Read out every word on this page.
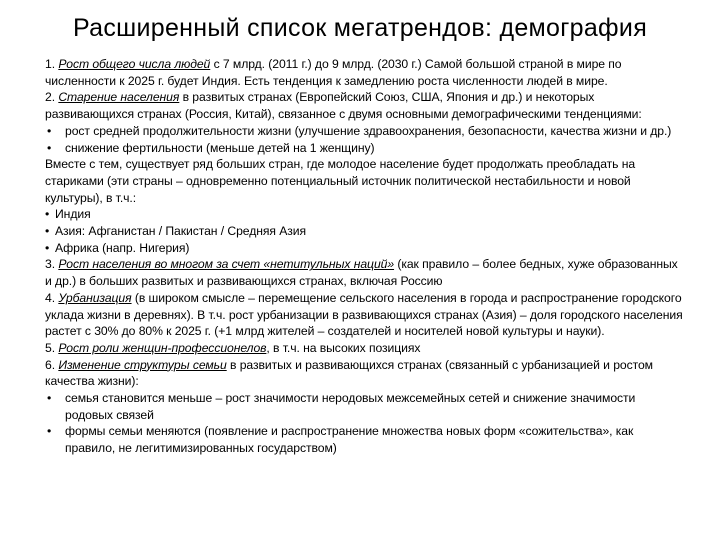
Расширенный список мегатрендов: демография

1. Рост общего числа людей с 7 млрд. (2011 г.) до 9 млрд. (2030 г.) Самой большой страной в мире по численности к 2025 г. будет Индия. Есть тенденция к замедлению роста численности людей в мире.

2. Старение населения в развитых странах (Европейский Союз, США, Япония и др.) и некоторых развивающихся странах (Россия, Китай), связанное с двумя основными демографическими тенденциями:

•	рост средней продолжительности жизни (улучшение здравоохранения, безопасности, качества жизни и др.)
•	снижение фертильности (меньше детей на 1 женщину)

Вместе с тем, существует ряд больших стран, где молодое население будет продолжать преобладать на стариками (эти страны – одновременно потенциальный источник политической нестабильности и новой культуры), в т.ч.:

• Индия
• Азия: Афганистан / Пакистан / Средняя Азия
• Африка (напр. Нигерия)

3. Рост населения во многом за счет «нетитульных наций» (как правило – более бедных, хуже образованных и др.) в больших развитых и развивающихся странах, включая Россию

4. Урбанизация (в широком смысле – перемещение сельского населения в города и распространение городского уклада жизни в деревнях). В т.ч. рост урбанизации в развивающихся странах (Азия) – доля городского населения растет с 30% до 80% к 2025 г. (+1 млрд жителей – создателей и носителей новой культуры и науки).

5. Рост роли женщин-профессионелов, в т.ч. на высоких позициях

6. Изменение структуры семьи в развитых и развивающихся странах (связанный с урбанизацией и ростом качества жизни):

•	семья становится меньше – рост значимости неродовых межсемейных сетей и снижение значимости родовых связей
•	формы семьи меняются (появление и распространение множества новых форм «сожительства», как правило, не легитимизированных государством)
